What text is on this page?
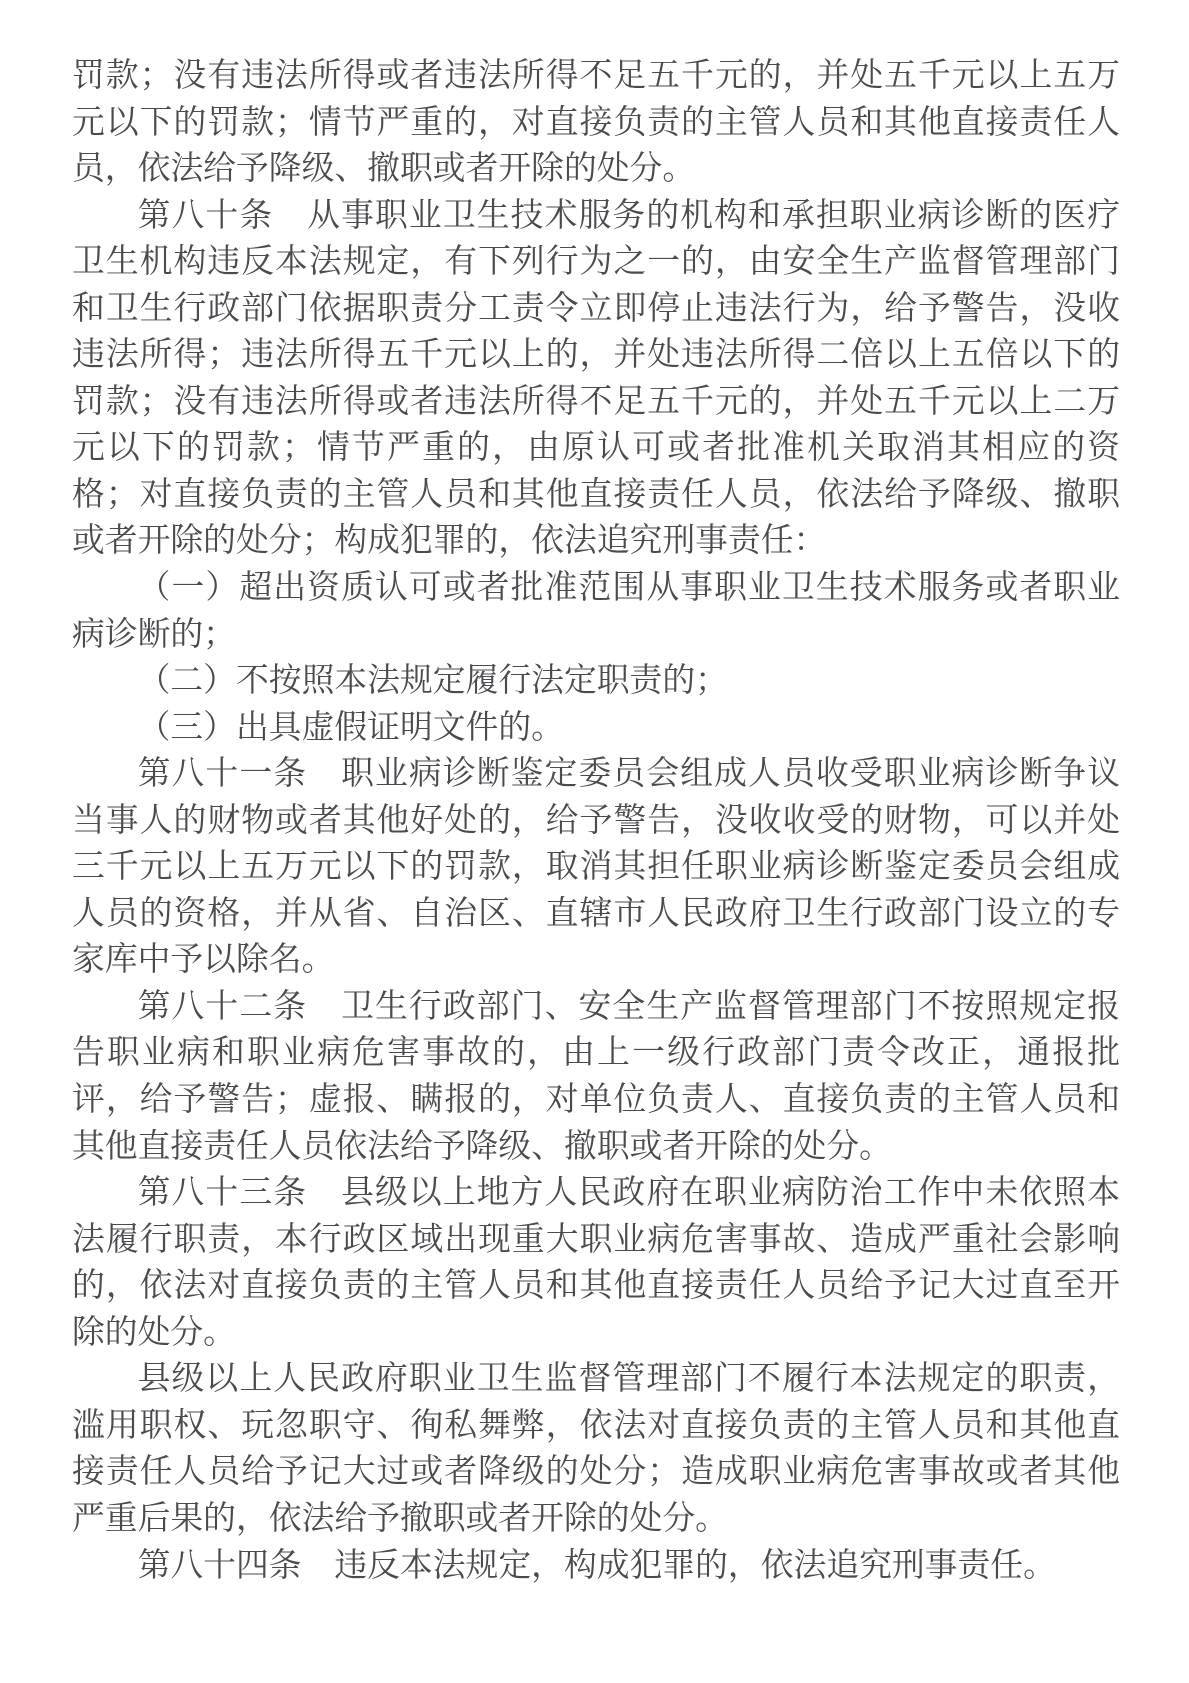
罚款；没有违法所得或者违法所得不足五千元的，并处五千元以上五万元以下的罚款；情节严重的，对直接负责的主管人员和其他直接责任人员，依法给予降级、撤职或者开除的处分。

第八十条　从事职业卫生技术服务的机构和承担职业病诊断的医疗卫生机构违反本法规定，有下列行为之一的，由安全生产监督管理部门和卫生行政部门依据职责分工责令立即停止违法行为，给予警告，没收违法所得；违法所得五千元以上的，并处违法所得二倍以上五倍以下的罚款；没有违法所得或者违法所得不足五千元的，并处五千元以上二万元以下的罚款；情节严重的，由原认可或者批准机关取消其相应的资格；对直接负责的主管人员和其他直接责任人员，依法给予降级、撤职或者开除的处分；构成犯罪的，依法追究刑事责任：

（一）超出资质认可或者批准范围从事职业卫生技术服务或者职业病诊断的；

（二）不按照本法规定履行法定职责的；

（三）出具虚假证明文件的。

第八十一条　职业病诊断鉴定委员会组成人员收受职业病诊断争议当事人的财物或者其他好处的，给予警告，没收收受的财物，可以并处三千元以上五万元以下的罚款，取消其担任职业病诊断鉴定委员会组成人员的资格，并从省、自治区、直辖市人民政府卫生行政部门设立的专家库中予以除名。

第八十二条　卫生行政部门、安全生产监督管理部门不按照规定报告职业病和职业病危害事故的，由上一级行政部门责令改正，通报批评，给予警告；虚报、瞒报的，对单位负责人、直接负责的主管人员和其他直接责任人员依法给予降级、撤职或者开除的处分。

第八十三条　县级以上地方人民政府在职业病防治工作中未依照本法履行职责，本行政区域出现重大职业病危害事故、造成严重社会影响的，依法对直接负责的主管人员和其他直接责任人员给予记大过直至开除的处分。

县级以上人民政府职业卫生监督管理部门不履行本法规定的职责，滥用职权、玩忽职守、徇私舞弊，依法对直接负责的主管人员和其他直接责任人员给予记大过或者降级的处分；造成职业病危害事故或者其他严重后果的，依法给予撤职或者开除的处分。

第八十四条　违反本法规定，构成犯罪的，依法追究刑事责任。
